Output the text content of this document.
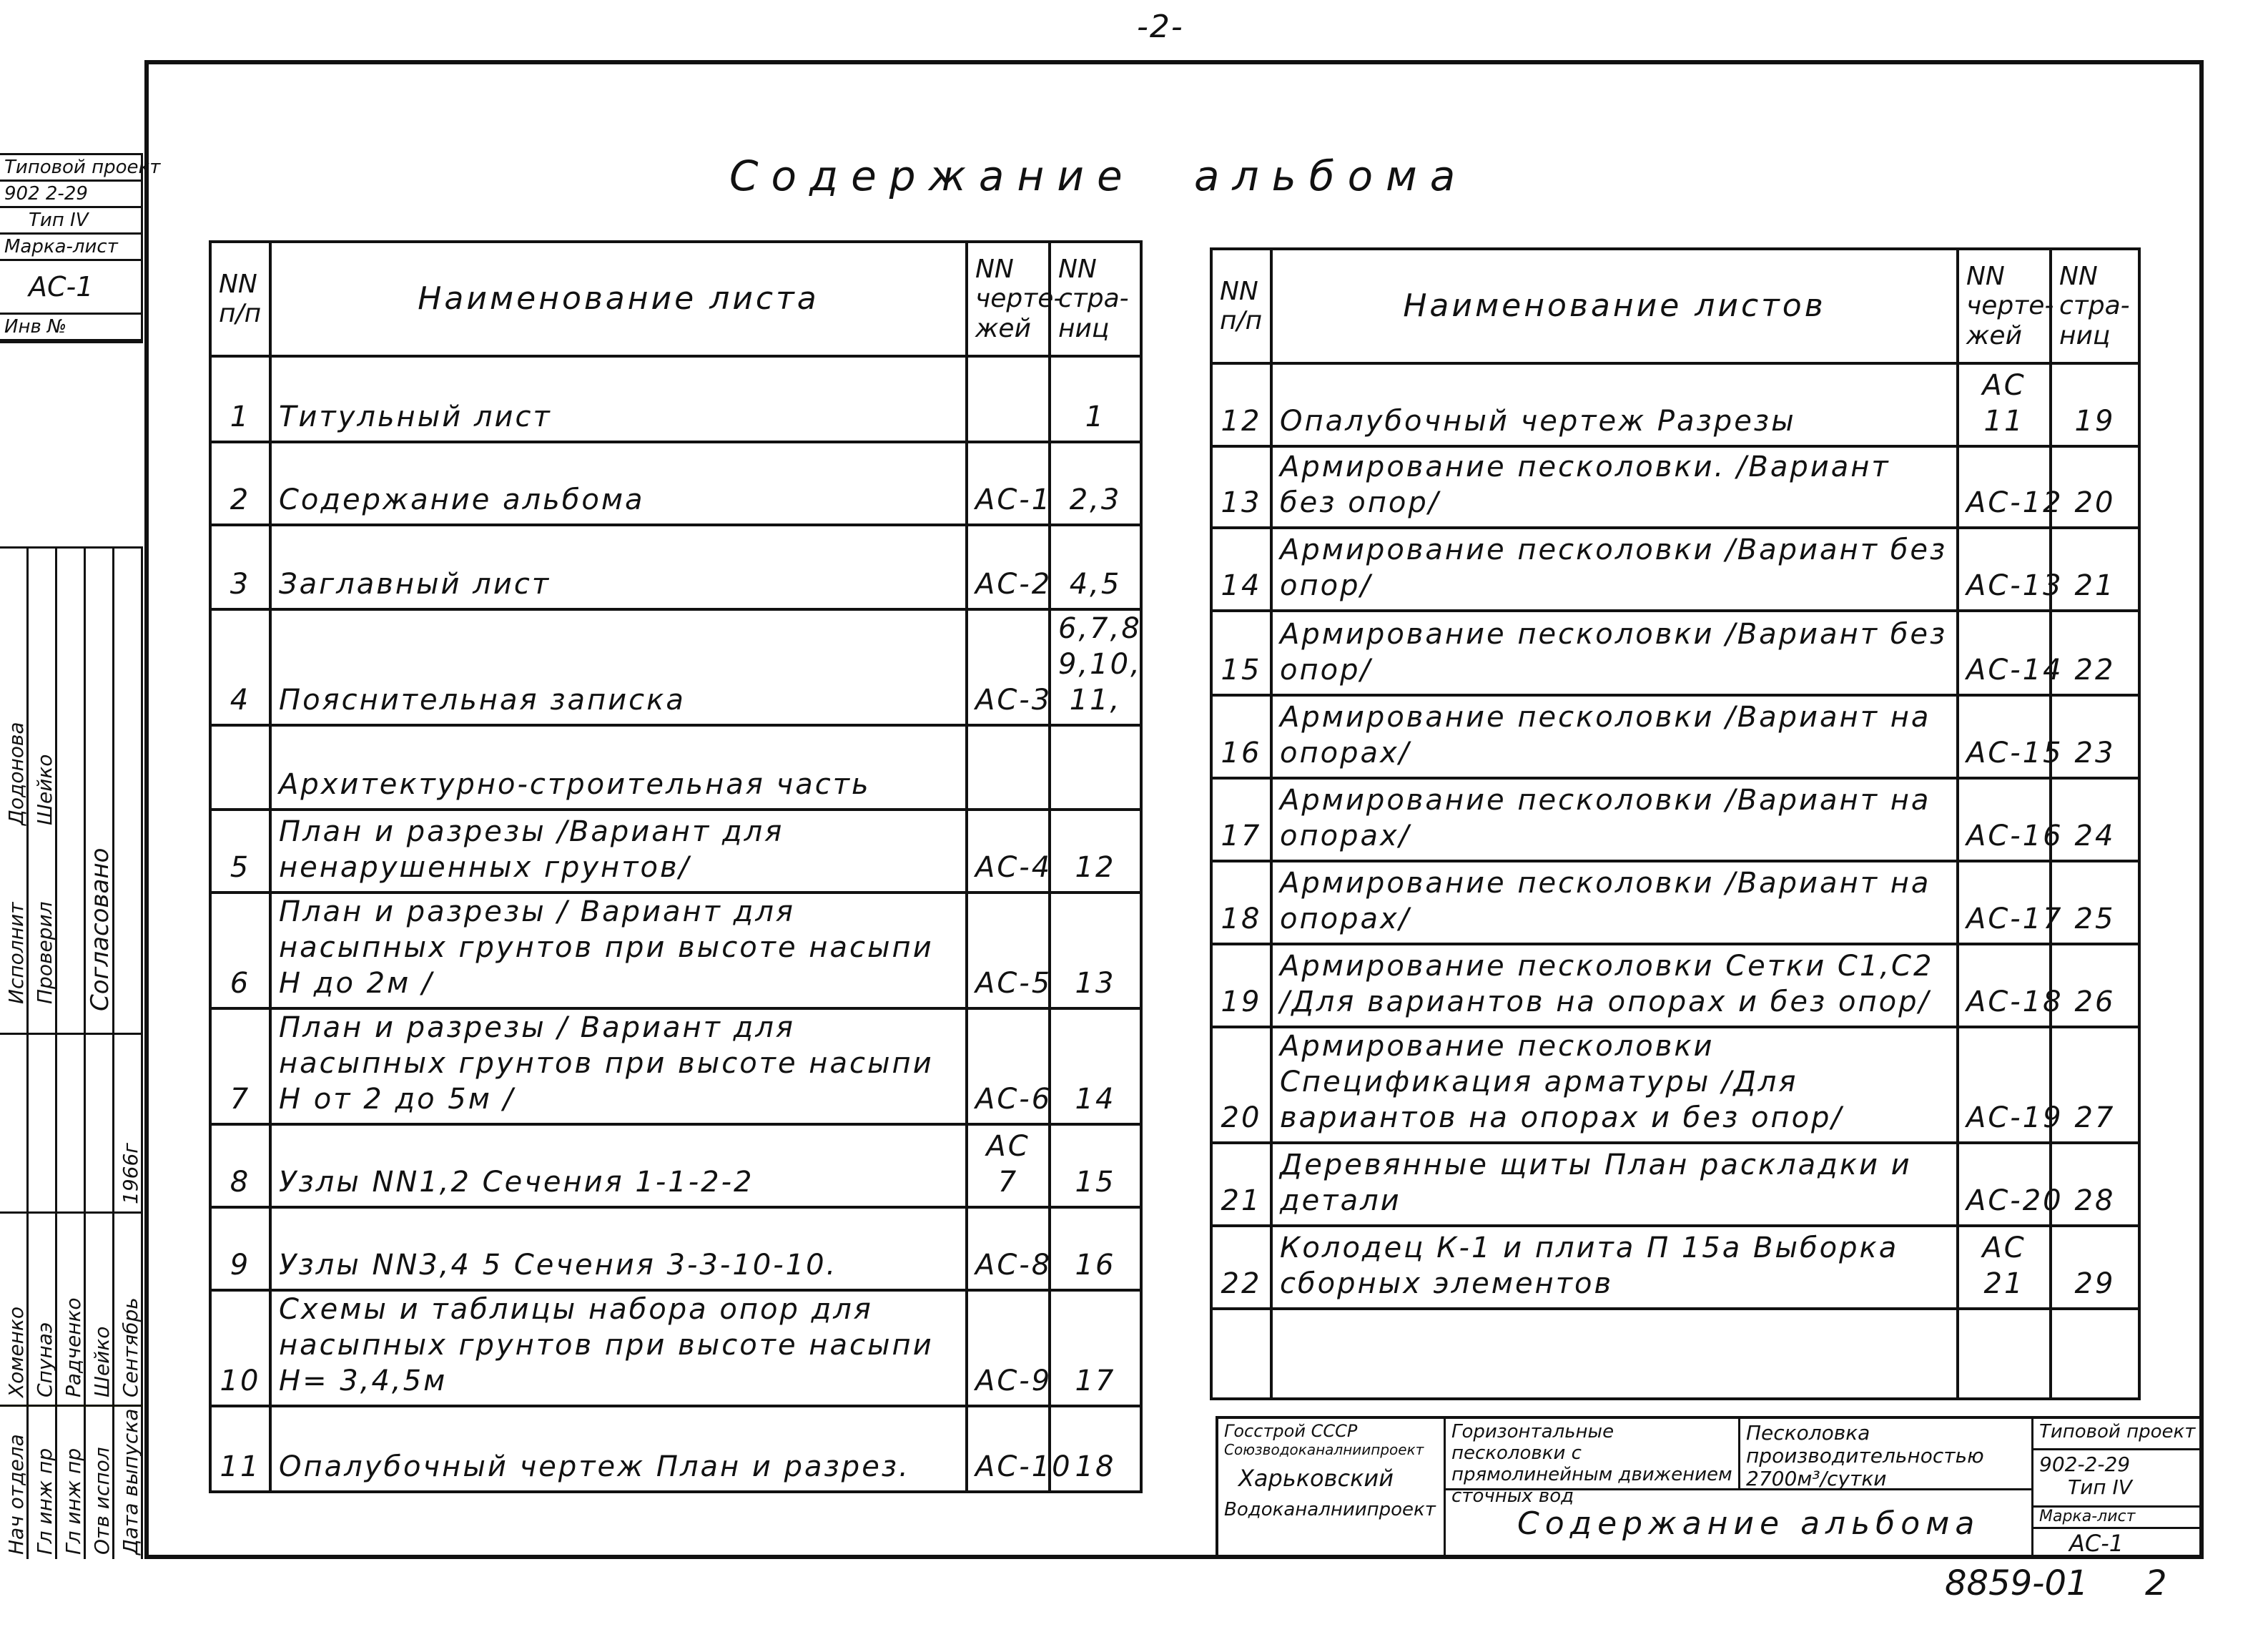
-2-
Содержание альбома
Типовой проект
902 2-29
Тип IV
Марка-лист
АС-1
Инв №
Исполнит Проверил
Додонова Шейко
Согласовано
Нач отдела Гл инж пр Гл инж пр Отв испол Дата выпуска
Хоменко Спунаэ Радченко Шейко Сентябрь
1966г
NN
п/п	Наименование листа	NN
черте-
жей	NN
стра-
ниц
1	Титульный лист		1
2	Содержание альбома	АС-1	2,3
3	Заглавный лист	АС-2	4,5
4	Пояснительная записка	АС-3	6,7,8 9,10, 11,
	Архитектурно-строительная часть		
5	План и разрезы /Вариант для ненарушенных грунтов/	АС-4	12
6	План и разрезы / Вариант для насыпных грунтов при высоте насыпи Н до 2м /	АС-5	13
7	План и разрезы / Вариант для насыпных грунтов при высоте насыпи Н от 2 до 5м /	АС-6	14
8	Узлы NN1,2 Сечения 1-1-2-2	АС 7	15
9	Узлы NN3,4 5 Сечения 3-3-10-10.	АС-8	16
10	Схемы и таблицы набора опор для насыпных грунтов при высоте насыпи Н= 3,4,5м	АС-9	17
11	Опалубочный чертеж План и разрез.	АС-10	18
NN
п/п	Наименование листов	NN
черте-
жей	NN
стра-
ниц
12	Опалубочный чертеж Разрезы	АС 11	19
13	Армирование песколовки. /Вариант без опор/	АС-12	20
14	Армирование песколовки /Вариант без опор/	АС-13	21
15	Армирование песколовки /Вариант без опор/	АС-14	22
16	Армирование песколовки /Вариант на опорах/	АС-15	23
17	Армирование песколовки /Вариант на опорах/	АС-16	24
18	Армирование песколовки /Вариант на опорах/	АС-17	25
19	Армирование песколовки Сетки С1,С2 /Для вариантов на опорах и без опор/	АС-18	26
20	Армирование песколовки Спецификация арматуры /Для вариантов на опорах и без опор/	АС-19	27
21	Деревянные щиты План раскладки и детали	АС-20	28
22	Колодец К-1 и плита П 15а Выборка сборных элементов	АС 21	29

Госстрой СССР
Союзводоканалниипроект
Харьковский
Водоканалниипроект
Горизонтальные песколовки с прямолинейным движением сточных вод
Песколовка производительностью 2700м³/сутки
Содержание альбома
Типовой проект
902-2-29
Тип IV
Марка-лист
АС-1
8859-01 2
